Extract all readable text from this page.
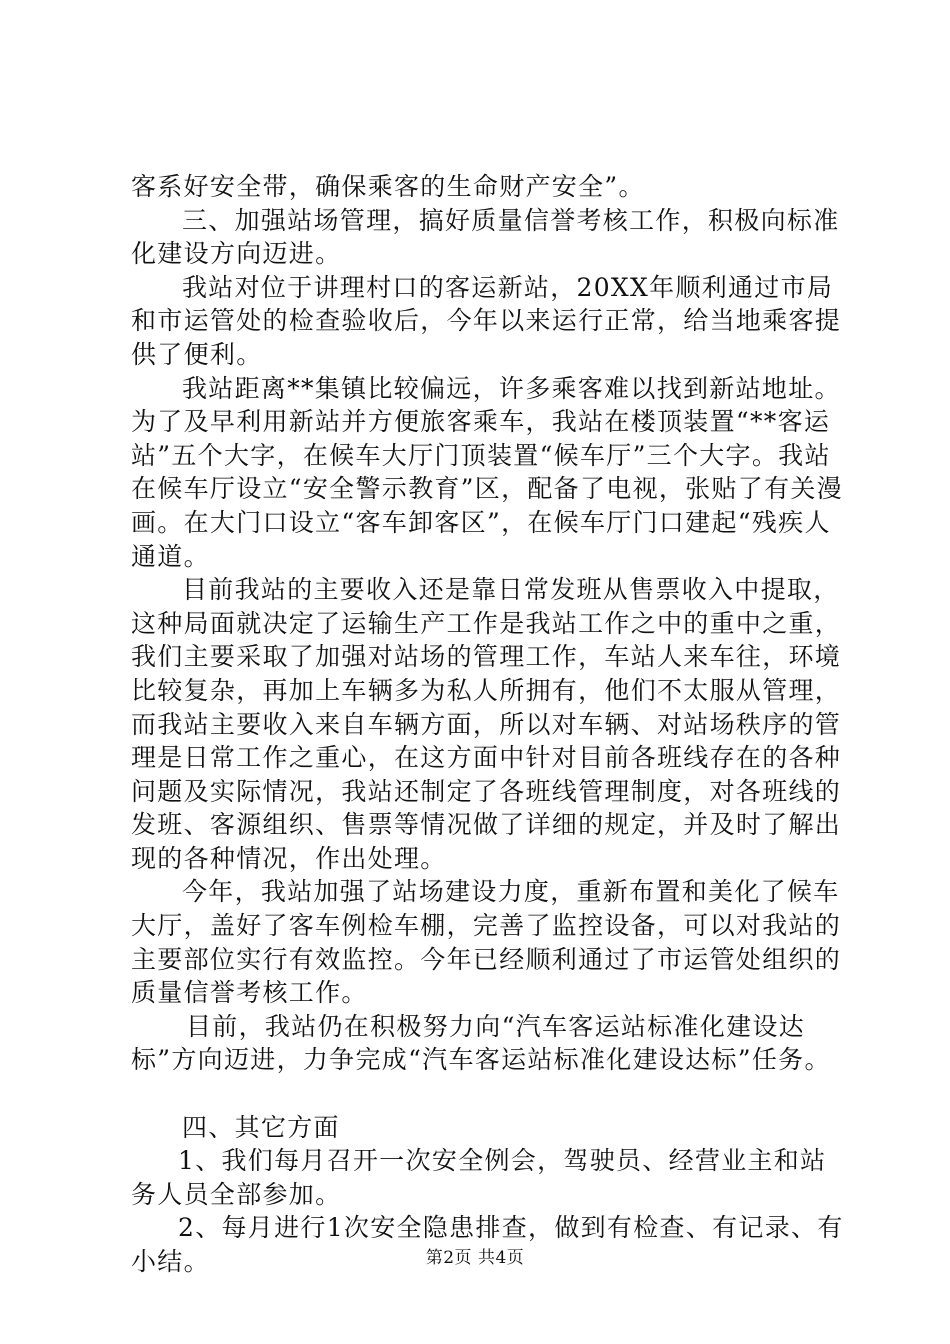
客系好安全带，确保乘客的生命财产安全”。

三、加强站场管理，搞好质量信誉考核工作，积极向标准化建设方向迈进。

我站对位于讲理村口的客运新站，20XX年顺利通过市局和市运管处的检查验收后，今年以来运行正常，给当地乘客提供了便利。

我站距离**集镇比较偏远，许多乘客难以找到新站地址。为了及早利用新站并方便旅客乘车，我站在楼顶装置“**客运站”五个大字，在候车大厅门顶装置“候车厅”三个大字。我站在候车厅设立“安全警示教育”区，配备了电视，张贴了有关漫画。在大门口设立“客车卸客区”，在候车厅门口建起“残疾人通道。

目前我站的主要收入还是靠日常发班从售票收入中提取，这种局面就决定了运输生产工作是我站工作之中的重中之重，我们主要采取了加强对站场的管理工作，车站人来车往，环境比较复杂，再加上车辆多为私人所拥有，他们不太服从管理，而我站主要收入来自车辆方面，所以对车辆、对站场秩序的管理是日常工作之重心，在这方面中针对目前各班线存在的各种问题及实际情况，我站还制定了各班线管理制度，对各班线的发班、客源组织、售票等情况做了详细的规定，并及时了解出现的各种情况，作出处理。

今年，我站加强了站场建设力度，重新布置和美化了候车大厅，盖好了客车例检车棚，完善了监控设备，可以对我站的主要部位实行有效监控。今年已经顺利通过了市运管处组织的质量信誉考核工作。

目前，我站仍在积极努力向“汽车客运站标准化建设达标”方向迈进，力争完成“汽车客运站标准化建设达标”任务。

四、其它方面

1、我们每月召开一次安全例会，驾驶员、经营业主和站务人员全部参加。

2、每月进行1次安全隐患排查，做到有检查、有记录、有小结。	第2页 共4页
